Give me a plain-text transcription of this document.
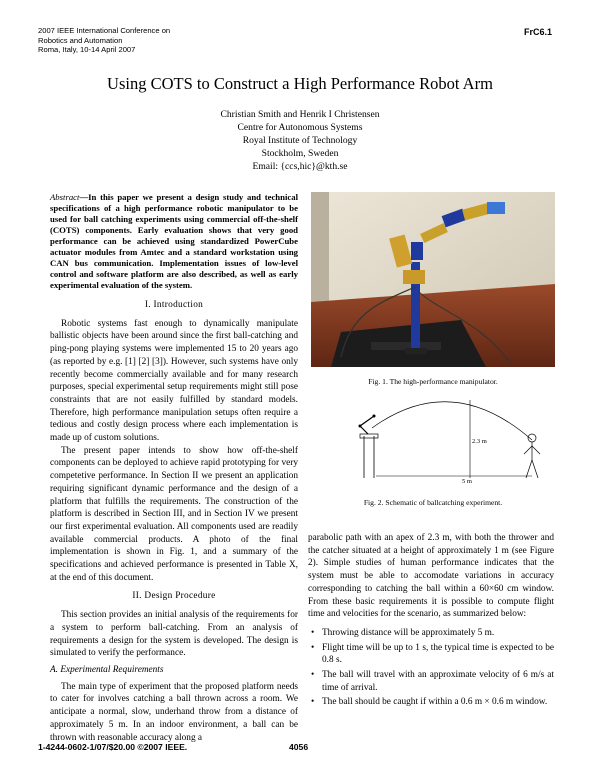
2007 IEEE International Conference on
Robotics and Automation
Roma, Italy, 10-14 April 2007
FrC6.1
Using COTS to Construct a High Performance Robot Arm
Christian Smith and Henrik I Christensen
Centre for Autonomous Systems
Royal Institute of Technology
Stockholm, Sweden
Email: {ccs,hic}@kth.se

Abstract—In this paper we present a design study and technical specifications of a high performance robotic manipulator to be used for ball catching experiments using commercial off-the-shelf (COTS) components. Early evaluation shows that very good performance can be achieved using standardized PowerCube actuator modules from Amtec and a standard workstation using CAN bus communication. Implementation issues of low-level control and software platform are also described, as well as early experimental evaluation of the system.

I. Introduction

Robotic systems fast enough to dynamically manipulate ballistic objects have been around since the first ball-catching and ping-pong playing systems were implemented 15 to 20 years ago (as reported by e.g. [1] [2] [3]). However, such systems have only recently become commercially available and for many research purposes, special experimental setup requirements might still pose constraints that are not easily fulfilled by standard models. Therefore, high performance manipulation setups often require a tedious and costly design process where each implementation is made up of custom solutions.

The present paper intends to show how off-the-shelf components can be deployed to achieve rapid prototyping for very competetive performance. In Section II we present an application requiring significant dynamic performance and the design of a platform that fulfills the requirements. The construction of the platform is described in Section III, and in Section IV we present our first experimental evaluation. All components used are readily available commercial products. A photo of the final implementation is shown in Fig. 1, and a summary of the specifications and achieved performance is presented in Table X, at the end of this document.

II. Design Procedure

This section provides an initial analysis of the requirements for a system to perform ball-catching. From an analysis of requirements a design for the system is developed. The design is simulated to verify the performance.

A. Experimental Requirements

The main type of experiment that the proposed platform needs to cater for involves catching a ball thrown across a room. We anticipate a normal, slow, underhand throw from a distance of approximately 5 m. In an indoor environment, a ball can be thrown with reasonable accuracy along a

Fig. 1. The high-performance manipulator.
2.3 m
5 m
Fig. 2. Schematic of ballcatching experiment.

parabolic path with an apex of 2.3 m, with both the thrower and the catcher situated at a height of approximately 1 m (see Figure 2). Simple studies of human performance indicates that the system must be able to accomodate variations in accuracy corresponding to catching the ball within a 60×60 cm window. From these basic requirements it is possible to compute flight time and velocities for the scenario, as summarized below:

• Throwing distance will be approximately 5 m.
• Flight time will be up to 1 s, the typical time is expected to be 0.8 s.
• The ball will travel with an approximate velocity of 6 m/s at time of arrival.
• The ball should be caught if within a 0.6 m × 0.6 m window.
1-4244-0602-1/07/$20.00 ©2007 IEEE.	4056
